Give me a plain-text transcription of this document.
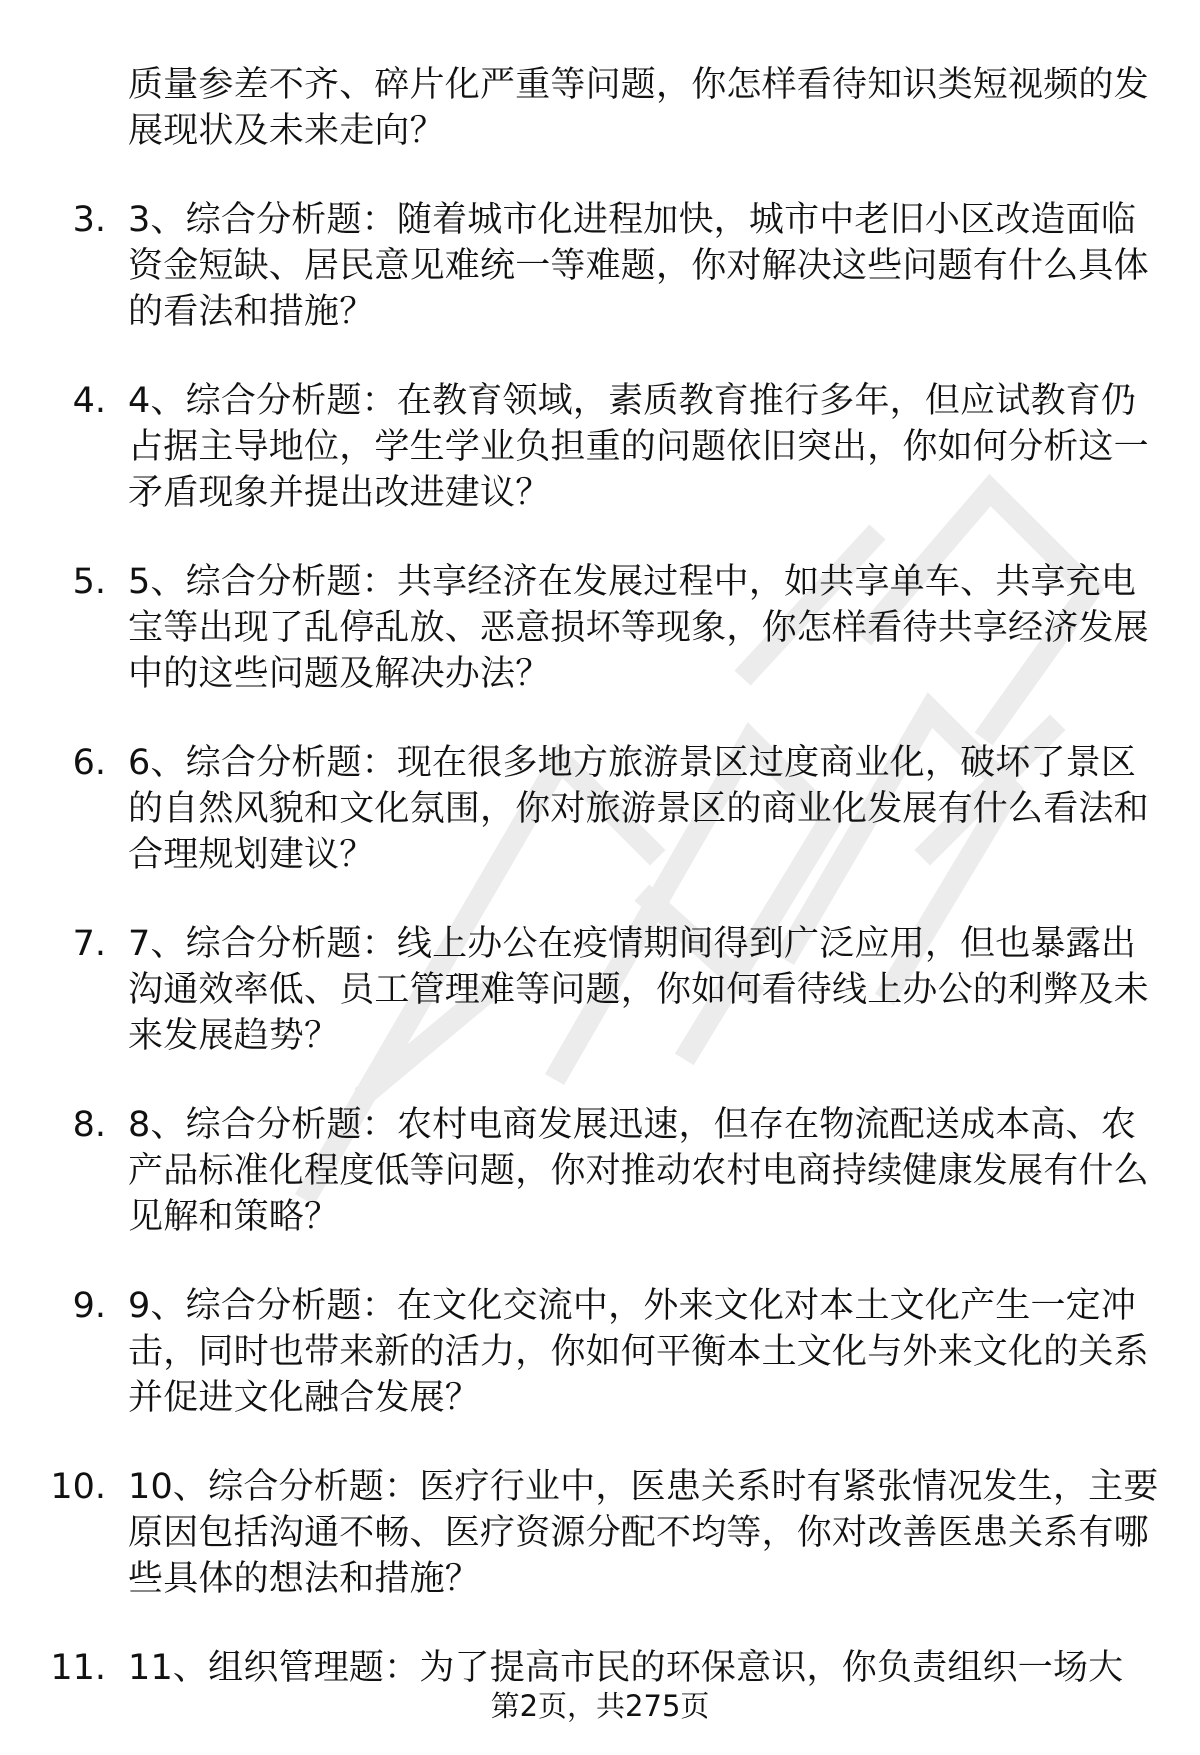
质量参差不齐、碎片化严重等问题，你怎样看待知识类短视频的发展现状及未来走向？

3. 3、综合分析题：随着城市化进程加快，城市中老旧小区改造面临资金短缺、居民意见难统一等难题，你对解决这些问题有什么具体的看法和措施？
4. 4、综合分析题：在教育领域，素质教育推行多年，但应试教育仍占据主导地位，学生学业负担重的问题依旧突出，你如何分析这一矛盾现象并提出改进建议？
5. 5、综合分析题：共享经济在发展过程中，如共享单车、共享充电宝等出现了乱停乱放、恶意损坏等现象，你怎样看待共享经济发展中的这些问题及解决办法？
6. 6、综合分析题：现在很多地方旅游景区过度商业化，破坏了景区的自然风貌和文化氛围，你对旅游景区的商业化发展有什么看法和合理规划建议？
7. 7、综合分析题：线上办公在疫情期间得到广泛应用，但也暴露出沟通效率低、员工管理难等问题，你如何看待线上办公的利弊及未来发展趋势？
8. 8、综合分析题：农村电商发展迅速，但存在物流配送成本高、农产品标准化程度低等问题，你对推动农村电商持续健康发展有什么见解和策略？
9. 9、综合分析题：在文化交流中，外来文化对本土文化产生一定冲击，同时也带来新的活力，你如何平衡本土文化与外来文化的关系并促进文化融合发展？
10. 10、综合分析题：医疗行业中，医患关系时有紧张情况发生，主要原因包括沟通不畅、医疗资源分配不均等，你对改善医患关系有哪些具体的想法和措施？
11. 11、组织管理题：为了提高市民的环保意识，你负责组织一场大
第2页，共275页
